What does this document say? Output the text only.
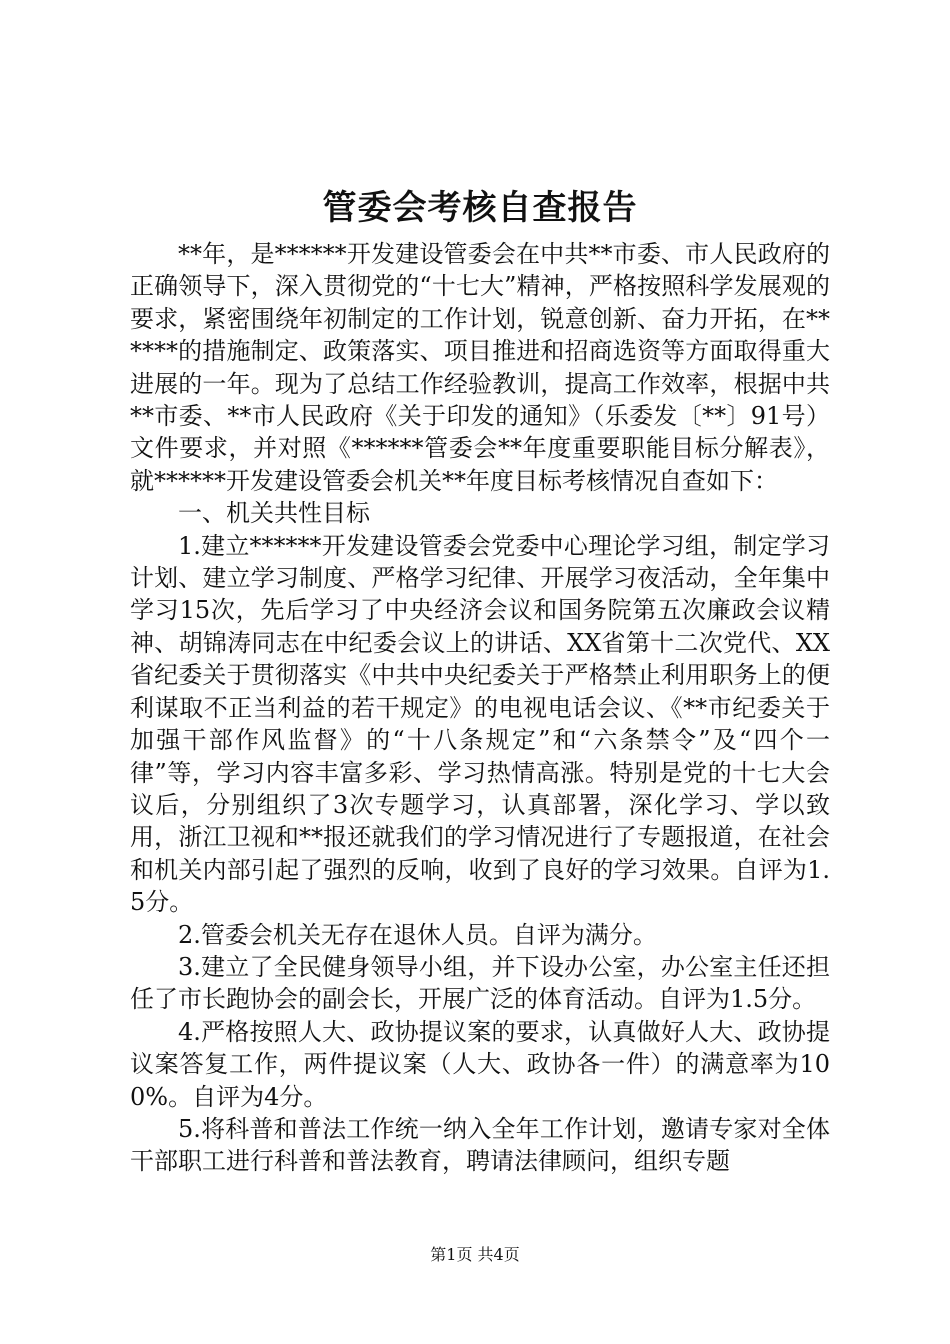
管委会考核自查报告

**年，是******开发建设管委会在中共**市委、市人民政府的正确领导下，深入贯彻党的“十七大”精神，严格按照科学发展观的要求，紧密围绕年初制定的工作计划，锐意创新、奋力开拓，在******的措施制定、政策落实、项目推进和招商选资等方面取得重大进展的一年。现为了总结工作经验教训，提高工作效率，根据中共**市委、**市人民政府《关于印发的通知》（乐委发〔**〕91号）文件要求，并对照《******管委会**年度重要职能目标分解表》，就******开发建设管委会机关**年度目标考核情况自查如下：

一、机关共性目标

1.建立******开发建设管委会党委中心理论学习组，制定学习计划、建立学习制度、严格学习纪律、开展学习夜活动，全年集中学习15次，先后学习了中央经济会议和国务院第五次廉政会议精神、胡锦涛同志在中纪委会议上的讲话、XX省第十二次党代、XX省纪委关于贯彻落实《中共中央纪委关于严格禁止利用职务上的便利谋取不正当利益的若干规定》的电视电话会议、《**市纪委关于加强干部作风监督》的“十八条规定”和“六条禁令”及“四个一律”等，学习内容丰富多彩、学习热情高涨。特别是党的十七大会议后，分别组织了3次专题学习，认真部署，深化学习、学以致用，浙江卫视和**报还就我们的学习情况进行了专题报道，在社会和机关内部引起了强烈的反响，收到了良好的学习效果。自评为1.5分。

2.管委会机关无存在退休人员。自评为满分。

3.建立了全民健身领导小组，并下设办公室，办公室主任还担任了市长跑协会的副会长，开展广泛的体育活动。自评为1.5分。

4.严格按照人大、政协提议案的要求，认真做好人大、政协提议案答复工作，两件提议案（人大、政协各一件）的满意率为100%。自评为4分。

5.将科普和普法工作统一纳入全年工作计划，邀请专家对全体干部职工进行科普和普法教育，聘请法律顾问，组织专题

第1页 共4页
